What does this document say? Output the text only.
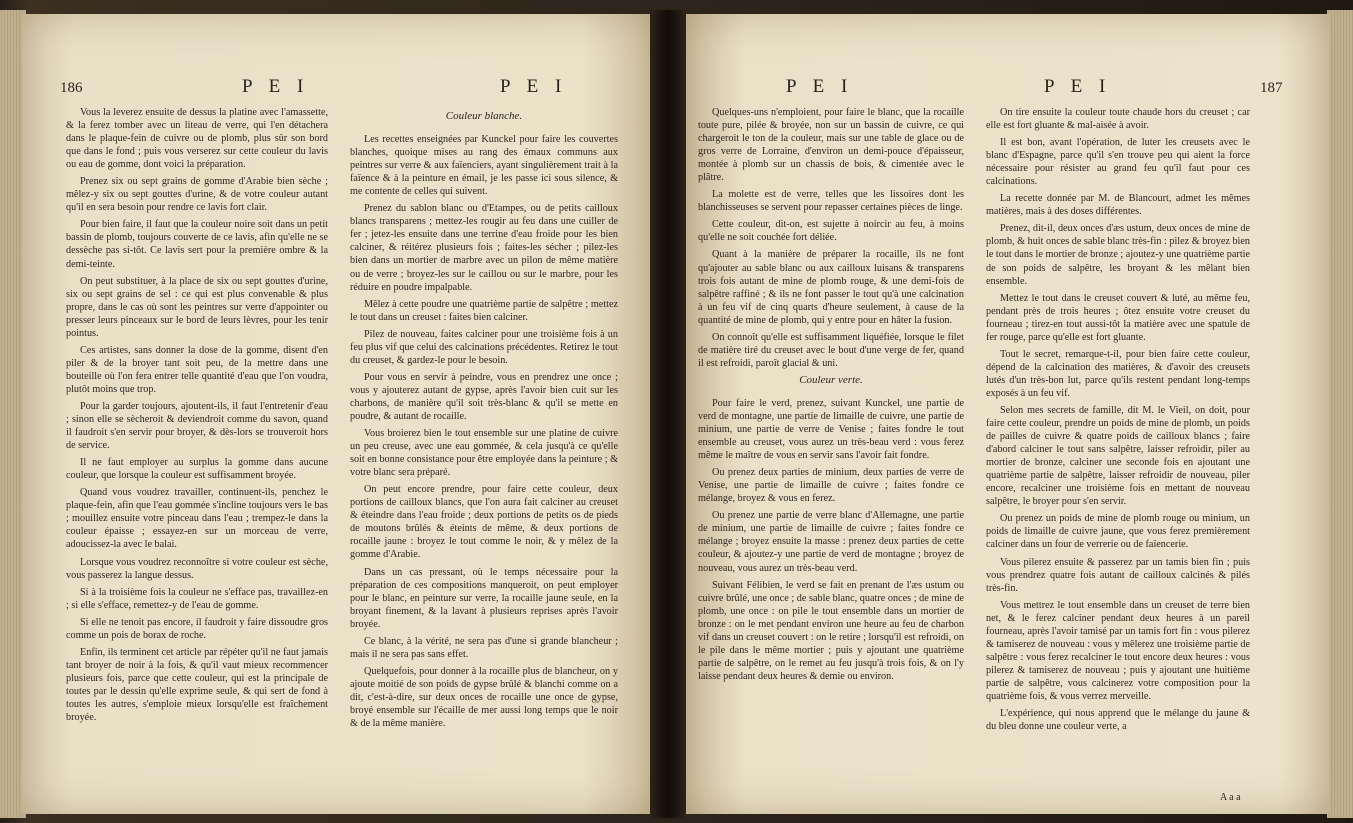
186	P E I	P E I

Vous la leverez ensuite de dessus la platine avec l'amassette, & la ferez tomber avec un liteau de verre, qui l'en détachera dans le plaque-fein de cuivre ou de plomb, plus sûr son bord que dans le fond ; puis vous verserez sur cette couleur du lavis ou eau de gomme, dont voici la préparation.

Prenez six ou sept grains de gomme d'Arabie bien sèche ; mêlez-y six ou sept gouttes d'urine, & de votre couleur autant qu'il en sera besoin pour rendre ce lavis fort clair.

Pour bien faire, il faut que la couleur noire soit dans un petit bassin de plomb, toujours couverte de ce lavis, afin qu'elle ne se dessèche pas si-tôt. Ce lavis sert pour la première ombre & la demi-teinte.

On peut substituer, à la place de six ou sept gouttes d'urine, six ou sept grains de sel : ce qui est plus convenable & plus propre, dans le cas où sont les peintres sur verre d'appointer ou presser leurs pinceaux sur le bord de leurs lèvres, pour les tenir pointus.

Ces artistes, sans donner la dose de la gomme, disent d'en piler & de la broyer tant soit peu, de la mettre dans une bouteille où l'on fera entrer telle quantité d'eau que l'on voudra, plutôt moins que trop.

Pour la garder toujours, ajoutent-ils, il faut l'entretenir d'eau ; sinon elle se sècheroit & deviendroit comme du savon, quand il faudroit s'en servir pour broyer, & dès-lors se trouveroit hors de service.

Il ne faut employer au surplus la gomme dans aucune couleur, que lorsque la couleur est suffisamment broyée.

Quand vous voudrez travailler, continuent-ils, penchez le plaque-fein, afin que l'eau gommée s'incline toujours vers le bas ; mouillez ensuite votre pinceau dans l'eau ; trempez-le dans la couleur épaisse ; essayez-en sur un morceau de verre, adoucissez-la avec le balai.

Lorsque vous voudrez reconnoître si votre couleur est sèche, vous passerez la langue dessus.

Si à la troisième fois la couleur ne s'efface pas, travaillez-en ; si elle s'efface, remettez-y de l'eau de gomme.

Si elle ne tenoit pas encore, il faudroit y faire dissoudre gros comme un pois de borax de roche.

Enfin, ils terminent cet article par répéter qu'il ne faut jamais tant broyer de noir à la fois, & qu'il vaut mieux recommencer plusieurs fois, parce que cette couleur, qui est la principale de toutes par le dessin qu'elle exprime seule, & qui sert de fond à toutes les autres, s'emploie mieux lorsqu'elle est fraîchement broyée.

Couleur blanche.

Les recettes enseignées par Kunckel pour faire les couvertes blanches, quoique mises au rang des émaux communs aux peintres sur verre & aux faïenciers, ayant singulièrement trait à la faïence & à la peinture en émail, je les passe ici sous silence, & me contente de celles qui suivent.

Prenez du sablon blanc ou d'Etampes, ou de petits cailloux blancs transparens ; mettez-les rougir au feu dans une cuiller de fer ; jetez-les ensuite dans une terrine d'eau froide pour les bien calciner, & réitérez plusieurs fois ; faites-les sécher ; pilez-les bien dans un mortier de marbre avec un pilon de même matière ou de verre ; broyez-les sur le caillou ou sur le marbre, pour les réduire en poudre impalpable.

Mêlez à cette poudre une quatrième partie de salpêtre ; mettez le tout dans un creuset : faites bien calciner.

Pilez de nouveau, faites calciner pour une troisième fois à un feu plus vif que celui des calcinations précédentes. Retirez le tout du creuset, & gardez-le pour le besoin.

Pour vous en servir à peindre, vous en prendrez une once ; vous y ajouterez autant de gypse, après l'avoir bien cuit sur les charbons, de manière qu'il soit très-blanc & qu'il se mette en poudre, & autant de rocaille.

Vous broierez bien le tout ensemble sur une platine de cuivre un peu creuse, avec une eau gommée, & cela jusqu'à ce qu'elle soit en bonne consistance pour être employée dans la peinture ; & votre blanc sera préparé.

On peut encore prendre, pour faire cette couleur, deux portions de cailloux blancs, que l'on aura fait calciner au creuset & éteindre dans l'eau froide ; deux portions de petits os de pieds de moutons brûlés & éteints de même, & deux portions de rocaille jaune : broyez le tout comme le noir, & y mêlez de la gomme d'Arabie.

Dans un cas pressant, où le temps nécessaire pour la préparation de ces compositions manqueroit, on peut employer pour le blanc, en peinture sur verre, la rocaille jaune seule, en la broyant finement, & la lavant à plusieurs reprises après l'avoir broyée.

Ce blanc, à la vérité, ne sera pas d'une si grande blancheur ; mais il ne sera pas sans effet.

Quelquefois, pour donner à la rocaille plus de blancheur, on y ajoute moitié de son poids de gypse brûlé & blanchi comme on a dit, c'est-à-dire, sur deux onces de rocaille une once de gypse, broyé ensemble sur l'écaille de mer aussi long temps que le noir & de la même manière.

P E I	P E I	187

Quelques-uns n'emploient, pour faire le blanc, que la rocaille toute pure, pilée & broyée, non sur un bassin de cuivre, ce qui chargeroit le ton de la couleur, mais sur une table de glace ou de gros verre de Lorraine, d'environ un demi-pouce d'épaisseur, montée à plomb sur un chassis de bois, & cimentée avec le plâtre.

La molette est de verre, telles que les lissoires dont les blanchisseuses se servent pour repasser certaines pièces de linge.

Cette couleur, dit-on, est sujette à noircir au feu, à moins qu'elle ne soit couchée fort déliée.

Quant à la manière de préparer la rocaille, ils ne font qu'ajouter au sable blanc ou aux cailloux luisans & transparens trois fois autant de mine de plomb rouge, & une demi-fois de salpêtre raffiné ; & ils ne font passer le tout qu'à une calcination à un feu vif de cinq quarts d'heure seulement, à cause de la quantité de mine de plomb, qui y entre pour en hâter la fusion.

On connoît qu'elle est suffisamment liquéfiée, lorsque le filet de matière tiré du creuset avec le bout d'une verge de fer, quand il est refroidi, paroît glacial & uni.

Couleur verte.

Pour faire le verd, prenez, suivant Kunckel, une partie de verd de montagne, une partie de limaille de cuivre, une partie de minium, une partie de verre de Venise ; faites fondre le tout ensemble au creuset, vous aurez un très-beau verd : vous ferez même le maître de vous en servir sans l'avoir fait fondre.

Ou prenez deux parties de minium, deux parties de verre de Venise, une partie de limaille de cuivre ; faites fondre ce mélange, broyez & vous en ferez.

Ou prenez une partie de verre blanc d'Allemagne, une partie de minium, une partie de limaille de cuivre ; faites fondre ce mélange ; broyez ensuite la masse : prenez deux parties de cette couleur, & ajoutez-y une partie de verd de montagne ; broyez de nouveau, vous aurez un très-beau verd.

Suivant Félibien, le verd se fait en prenant de l'æs ustum ou cuivre brûlé, une once ; de sable blanc, quatre onces ; de mine de plomb, une once : on pile le tout ensemble dans un mortier de bronze : on le met pendant environ une heure au feu de charbon vif dans un creuset couvert : on le retire ; lorsqu'il est refroidi, on le pile dans le même mortier ; puis y ajoutant une quatrième partie de salpêtre, on le remet au feu jusqu'à trois fois, & on l'y laisse pendant deux heures & demie ou environ.

On tire ensuite la couleur toute chaude hors du creuset ; car elle est fort gluante & mal-aisée à avoir.

Il est bon, avant l'opération, de luter les creusets avec le blanc d'Espagne, parce qu'il s'en trouve peu qui aient la force nécessaire pour résister au grand feu qu'il faut pour ces calcinations.

La recette donnée par M. de Blancourt, admet les mêmes matières, mais à des doses différentes.

Prenez, dit-il, deux onces d'æs ustum, deux onces de mine de plomb, & huit onces de sable blanc très-fin : pilez & broyez bien le tout dans le mortier de bronze ; ajoutez-y une quatrième partie de son poids de salpêtre, les broyant & les mêlant bien ensemble.

Mettez le tout dans le creuset couvert & luté, au même feu, pendant près de trois heures ; ôtez ensuite votre creuset du fourneau ; tirez-en tout aussi-tôt la matière avec une spatule de fer rouge, parce qu'elle est fort gluante.

Tout le secret, remarque-t-il, pour bien faire cette couleur, dépend de la calcination des matières, & d'avoir des creusets lutés d'un très-bon lut, parce qu'ils restent pendant long-temps exposés à un feu vif.

Selon mes secrets de famille, dit M. le Vieil, on doit, pour faire cette couleur, prendre un poids de mine de plomb, un poids de pailles de cuivre & quatre poids de cailloux blancs ; faire d'abord calciner le tout sans salpêtre, laisser refroidir, piler au mortier de bronze, calciner une seconde fois en ajoutant une quatrième partie de salpêtre, laisser refroidir de nouveau, piler encore, recalciner une troisième fois en mettant de nouveau salpêtre, le broyer pour s'en servir.

Ou prenez un poids de mine de plomb rouge ou minium, un poids de limaille de cuivre jaune, que vous ferez premièrement calciner dans un four de verrerie ou de faïencerie.

Vous pilerez ensuite & passerez par un tamis bien fin ; puis vous prendrez quatre fois autant de cailloux calcinés & pilés très-fin.

Vous mettrez le tout ensemble dans un creuset de terre bien net, & le ferez calciner pendant deux heures à un pareil fourneau, après l'avoir tamisé par un tamis fort fin : vous pilerez & tamiserez de nouveau : vous y mêlerez une troisième partie de salpêtre : vous ferez recalciner le tout encore deux heures : vous pilerez & tamiserez de nouveau ; puis y ajoutant une huitième partie de salpêtre, vous calcinerez votre composition pour la quatrième fois, & vous verrez merveille.

L'expérience, qui nous apprend que le mélange du jaune & du bleu donne une couleur verte, a

A a a
